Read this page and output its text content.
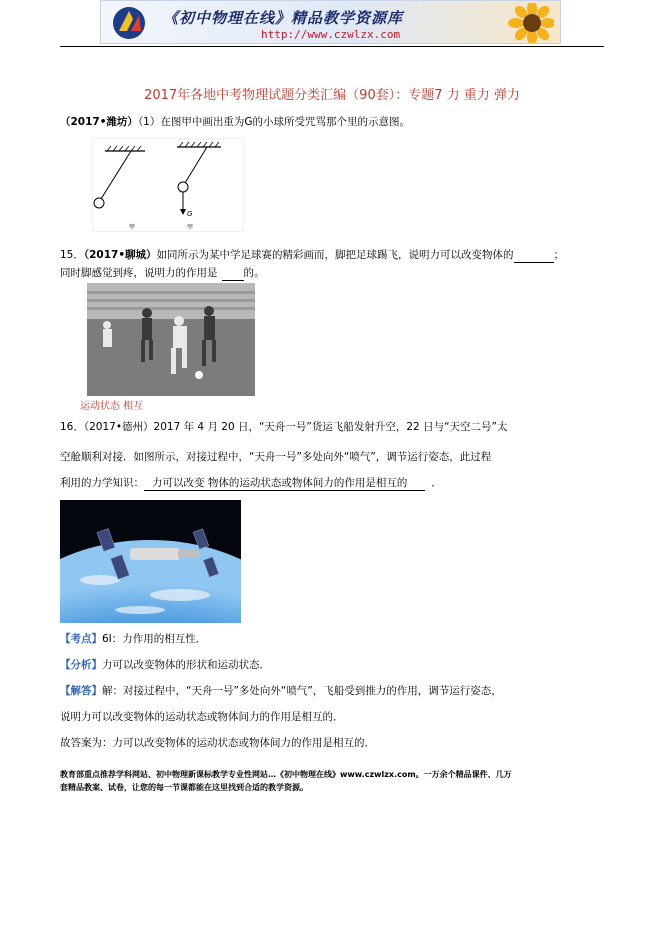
《初中物理在线》精品教学资源库
http://www.czwlzx.com
2017年各地中考物理试题分类汇编（90套）：专题7 力 重力 弹力
（2017•潍坊）（1）在图甲中画出重为G的小球所受咒骂那个里的示意图。
G
甲	甲
15．（2017•聊城）如同所示为某中学足球赛的精彩画而，脚把足球踢飞，说明力可以改变物体的	；
同时脚感觉到疼，说明力的作用是 的。
运动状态 相互
16．（2017•德州）2017 年 4 月 20 日，“天舟一号”货运飞船发射升空，22 日与“天空二号”太
空舱顺利对接．如图所示，对接过程中，“天舟一号”多处向外“喷气”，调节运行姿态，此过程
利用的力学知识： 力可以改变 物体的运动状态或物体间力的作用是相互的 ．
【考点】6I：力作用的相互性．
【分析】力可以改变物体的形状和运动状态．
【解答】解：对接过程中，“天舟一号”多处向外“喷气”，飞船受到推力的作用，调节运行姿态，
说明力可以改变物体的运动状态或物体间力的作用是相互的．
故答案为：力可以改变物体的运动状态或物体间力的作用是相互的．
教育部重点推荐学科网站、初中物理新课标教学专业性网站…《初中物理在线》www.czwlzx.com。一万余个精品课件、几万
套精品教案、试卷，让您的每一节课都能在这里找到合适的教学资源。
